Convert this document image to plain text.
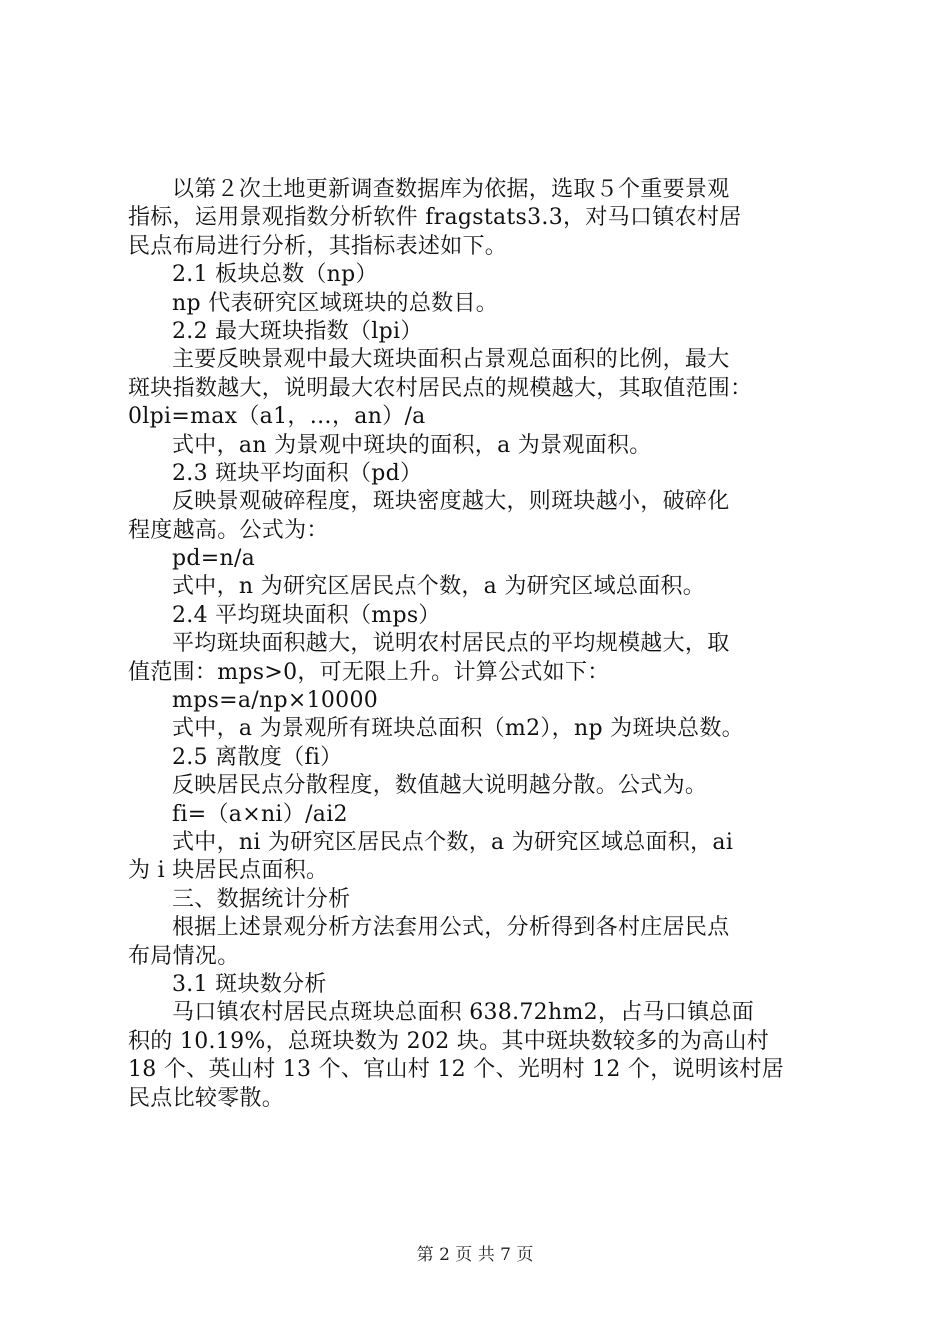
以第２次土地更新调查数据库为依据，选取５个重要景观
指标，运用景观指数分析软件 fragstats3.3，对马口镇农村居
民点布局进行分析，其指标表述如下。
2.1 板块总数（np）
np 代表研究区域斑块的总数目。
2.2 最大斑块指数（lpi）
主要反映景观中最大斑块面积占景观总面积的比例，最大
斑块指数越大，说明最大农村居民点的规模越大，其取值范围：
0lpi=max（a1，…，an）/a
式中，an 为景观中斑块的面积，a 为景观面积。
2.3 斑块平均面积（pd）
反映景观破碎程度，斑块密度越大，则斑块越小，破碎化
程度越高。公式为：
pd=n/a
式中，n 为研究区居民点个数，a 为研究区域总面积。
2.4 平均斑块面积（mps）
平均斑块面积越大，说明农村居民点的平均规模越大，取
值范围：mps>0，可无限上升。计算公式如下：
mps=a/np×10000
式中，a 为景观所有斑块总面积（m2），np 为斑块总数。
2.5 离散度（fi）
反映居民点分散程度，数值越大说明越分散。公式为。
fi=（a×ni）/ai2
式中，ni 为研究区居民点个数，a 为研究区域总面积，ai
为 i 块居民点面积。
三、数据统计分析
根据上述景观分析方法套用公式，分析得到各村庄居民点
布局情况。
3.1 斑块数分析
马口镇农村居民点斑块总面积 638.72hm2，占马口镇总面
积的 10.19%，总斑块数为 202 块。其中斑块数较多的为高山村
18 个、英山村 13 个、官山村 12 个、光明村 12 个，说明该村居
民点比较零散。
第 2 页 共 7 页
